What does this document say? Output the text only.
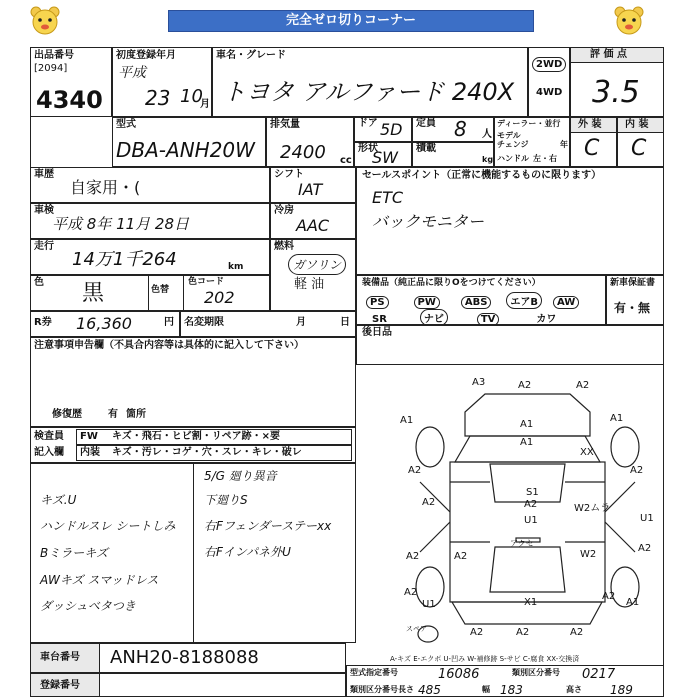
完全ゼロ切りコーナー
出品番号
[2094]
4340
初度登録年月
平成
23 10
月
車名・グレード
トヨタ アルファード 240X
2WD
4WD
評 価 点
3.5
型式
DBA-ANH20W
排気量
2400 cc
ドア 5D 定員 8 人
ディーラー・並行
モデル
チェンジ	年
ハンドル 左・右
形状
SW 積載
kg
外 装
C
内 装
C
車歴
自家用・(
シフト
IAT
車検
平成 8年 11月 28日
冷房
AAC
走行
14万1千264	km
燃料
ガソリン
軽 油
色 黒	色替
色コード
202
R券 16,360	円 名変期限	月	日
セールスポイント（正常に機能するものに限ります）
ETC
バックモニター
装備品（純正品に限りOをつけてください）
PS	PW	ABS エアB AW
SR	ナビ	TV	カワ
新車保証書
有・無
後日品
注意事項申告欄（不具合内容等は具体的に記入して下さい）
修復歴	有 箇所
検査員
記入欄
FW キズ・飛石・ヒビ割・リペア跡・×要
内装 キズ・汚レ・コゲ・穴・スレ・キレ・破レ
キズ.U
ハンドルスレ シートしみ
Bミラーキズ
AWキズ スマッドレス
ダッシュベタつき
5/G 廻り異音
下廻りS
右Fフェンダーステーxx
右Fインパネ外U
A3	A2	A2
A1
A1	A1
A1
XX
A2	A2
S1
A2
U1
W2ムラ
U1
A2
A2	A2	W2
A2
A2
U1	X1
A2
A1
A2	A2	A2
スペア
アクセ
A-キズ E-エクボ U-凹み W-補修跡 S-サビ C-腐食 XX-交換済
車台番号 ANH20-8188088
登録番号
型式指定番号	16086	類別区分番号 0217
類別区分番号 長さ 485	幅 183	高さ 189
